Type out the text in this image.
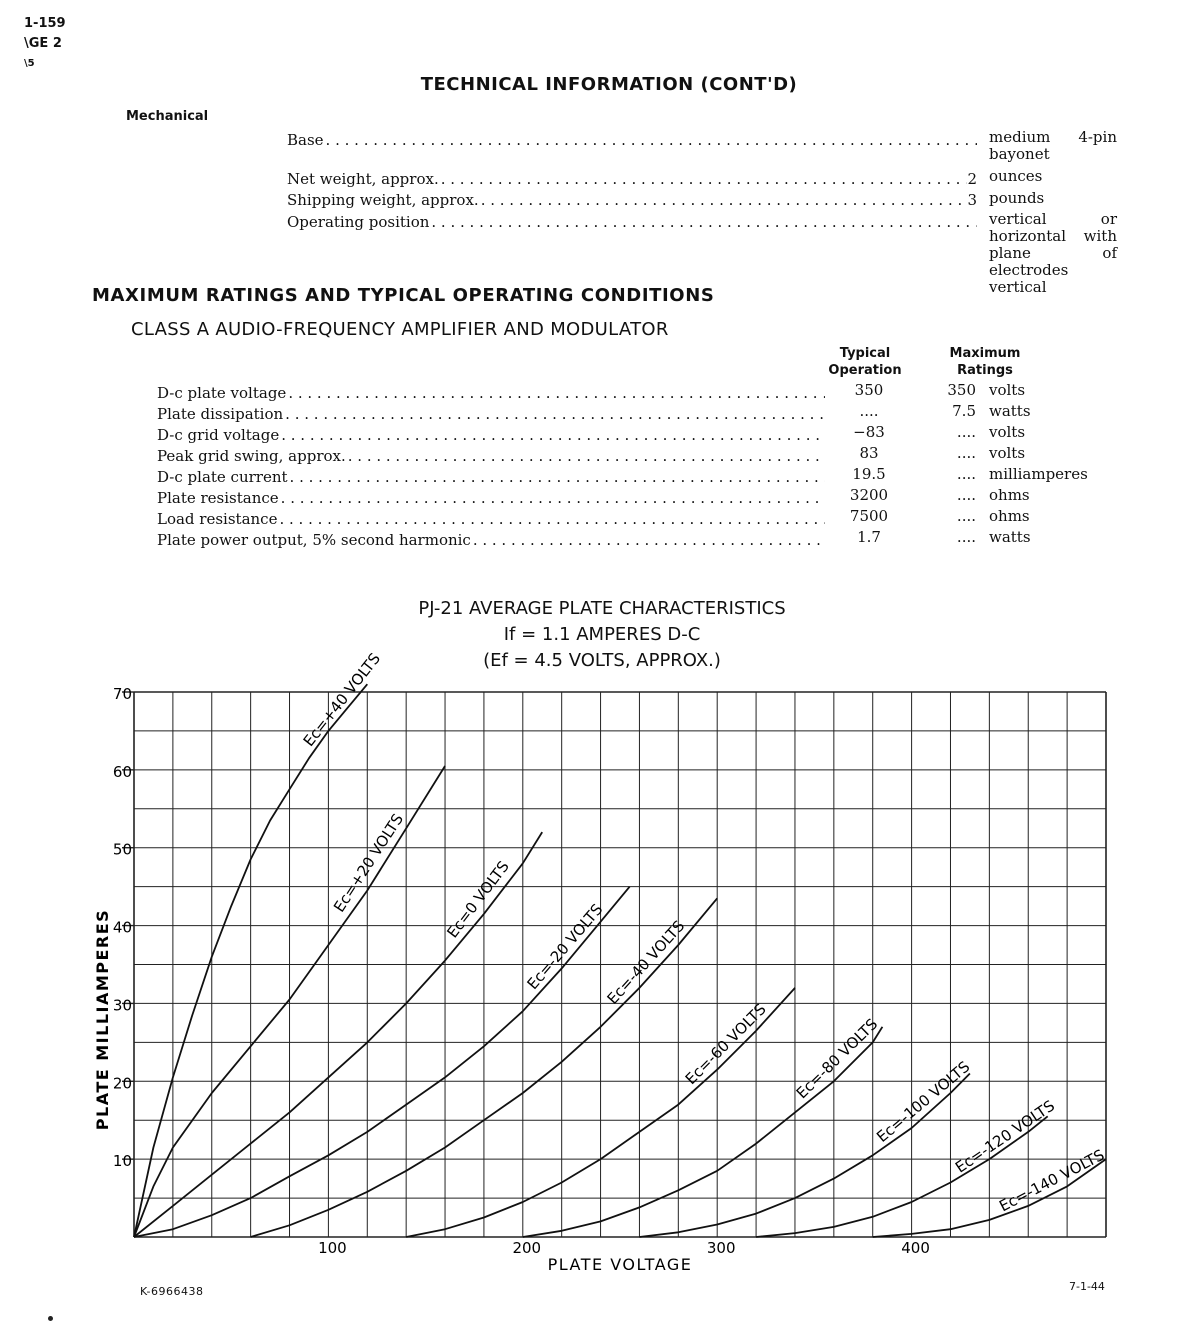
1-159
\GE 2
\5
TECHNICAL INFORMATION (CONT'D)
Mechanical
Base . . .	medium 4-pin bayonet
Net weight, approx. . . .	2 ounces
Shipping weight, approx. . . .	3 pounds
Operating position . . .	vertical or horizontal with plane of electrodes vertical
MAXIMUM RATINGS AND TYPICAL OPERATING CONDITIONS
CLASS A AUDIO-FREQUENCY AMPLIFIER AND MODULATOR
Typical
Operation
Maximum
Ratings
D-c plate voltage . . .	350	350 volts
Plate dissipation . . .	....	7.5 watts
D-c grid voltage . . .	−83	.... volts
Peak grid swing, approx. . . .	83	.... volts
D-c plate current . . .	19.5	.... milliamperes
Plate resistance . . .	3200	.... ohms
Load resistance . . .	7500	.... ohms
Plate power output, 5% second harmonic . . .	1.7	.... watts
PJ-21 AVERAGE PLATE CHARACTERISTICS
If = 1.1 AMPERES D-C
(Ef = 4.5 VOLTS, APPROX.)
10
20
30
40
50
60
70
100	200	300	400
PLATE VOLTAGE
PLATE MILLIAMPERES
Ec=+40 VOLTS
Ec=+20 VOLTS Ec=0 VOLTS
Ec=-20 VOLTS
Ec=-40 VOLTS
Ec=-60 VOLTS Ec=-80 VOLTS
Ec=-100 VOLTS
Ec=-120 VOLTS
Ec=-140 VOLTS
K-6966438	7-1-44
